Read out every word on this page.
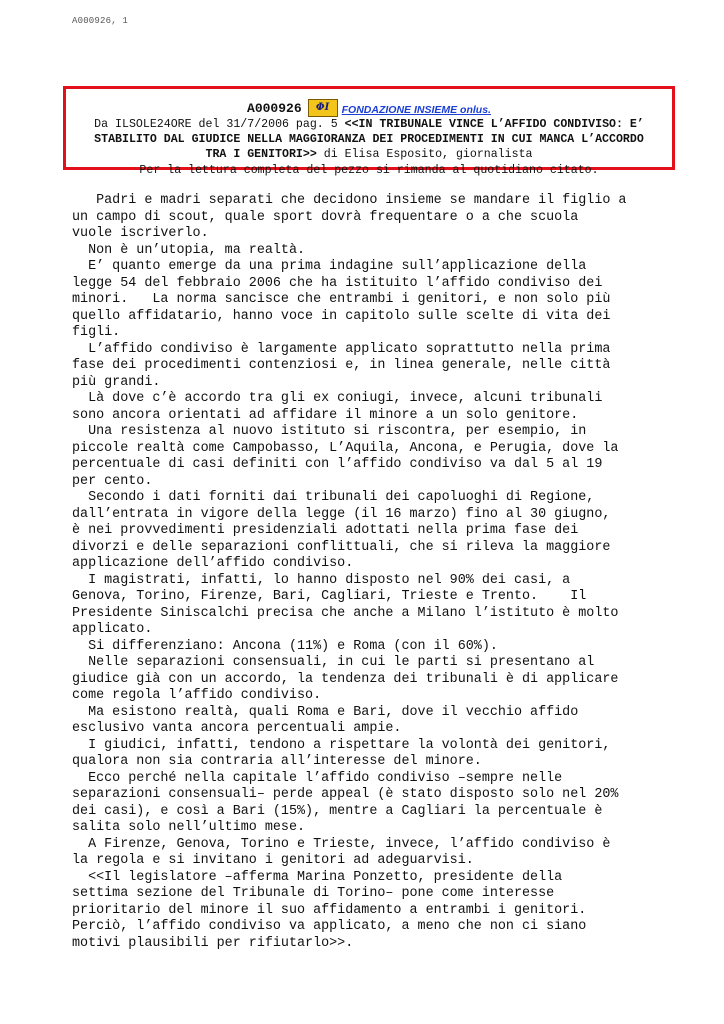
A000926, 1
A000926	ΦI	FONDAZIONE INSIEME onlus.
Da ILSOLE24ORE del 31/7/2006 pag. 5 <<IN TRIBUNALE VINCE L’AFFIDO CONDIVISO: E’
STABILITO DAL GIUDICE NELLA MAGGIORANZA DEI PROCEDIMENTI IN CUI MANCA L’ACCORDO
TRA I GENITORI>> di Elisa Esposito, giornalista
Per la lettura completa del pezzo si rimanda al quotidiano citato.

Padri e madri separati che decidono insieme se mandare il figlio a

un campo di scout, quale sport dovrà frequentare o a che scuola

vuole iscriverlo.

Non è un’utopia, ma realtà.

E’ quanto emerge da una prima indagine sull’applicazione della

legge 54 del febbraio 2006 che ha istituito l’affido condiviso dei

minori.   La norma sancisce che entrambi i genitori, e non solo più

quello affidatario, hanno voce in capitolo sulle scelte di vita dei

figli.

L’affido condiviso è largamente applicato soprattutto nella prima

fase dei procedimenti contenziosi e, in linea generale, nelle città

più grandi.

Là dove c’è accordo tra gli ex coniugi, invece, alcuni tribunali

sono ancora orientati ad affidare il minore a un solo genitore.

Una resistenza al nuovo istituto si riscontra, per esempio, in

piccole realtà come Campobasso, L’Aquila, Ancona, e Perugia, dove la

percentuale di casi definiti con l’affido condiviso va dal 5 al 19

per cento.

Secondo i dati forniti dai tribunali dei capoluoghi di Regione,

dall’entrata in vigore della legge (il 16 marzo) fino al 30 giugno,

è nei provvedimenti presidenziali adottati nella prima fase dei

divorzi e delle separazioni conflittuali, che si rileva la maggiore

applicazione dell’affido condiviso.

I magistrati, infatti, lo hanno disposto nel 90% dei casi, a

Genova, Torino, Firenze, Bari, Cagliari, Trieste e Trento.    Il

Presidente Siniscalchi precisa che anche a Milano l’istituto è molto

applicato.

Si differenziano: Ancona (11%) e Roma (con il 60%).

Nelle separazioni consensuali, in cui le parti si presentano al

giudice già con un accordo, la tendenza dei tribunali è di applicare

come regola l’affido condiviso.

Ma esistono realtà, quali Roma e Bari, dove il vecchio affido

esclusivo vanta ancora percentuali ampie.

I giudici, infatti, tendono a rispettare la volontà dei genitori,

qualora non sia contraria all’interesse del minore.

Ecco perché nella capitale l’affido condiviso –sempre nelle

separazioni consensuali– perde appeal (è stato disposto solo nel 20%

dei casi), e così a Bari (15%), mentre a Cagliari la percentuale è

salita solo nell’ultimo mese.

A Firenze, Genova, Torino e Trieste, invece, l’affido condiviso è

la regola e si invitano i genitori ad adeguarvisi.

<<Il legislatore –afferma Marina Ponzetto, presidente della

settima sezione del Tribunale di Torino– pone come interesse

prioritario del minore il suo affidamento a entrambi i genitori.

Perciò, l’affido condiviso va applicato, a meno che non ci siano

motivi plausibili per rifiutarlo>>.
